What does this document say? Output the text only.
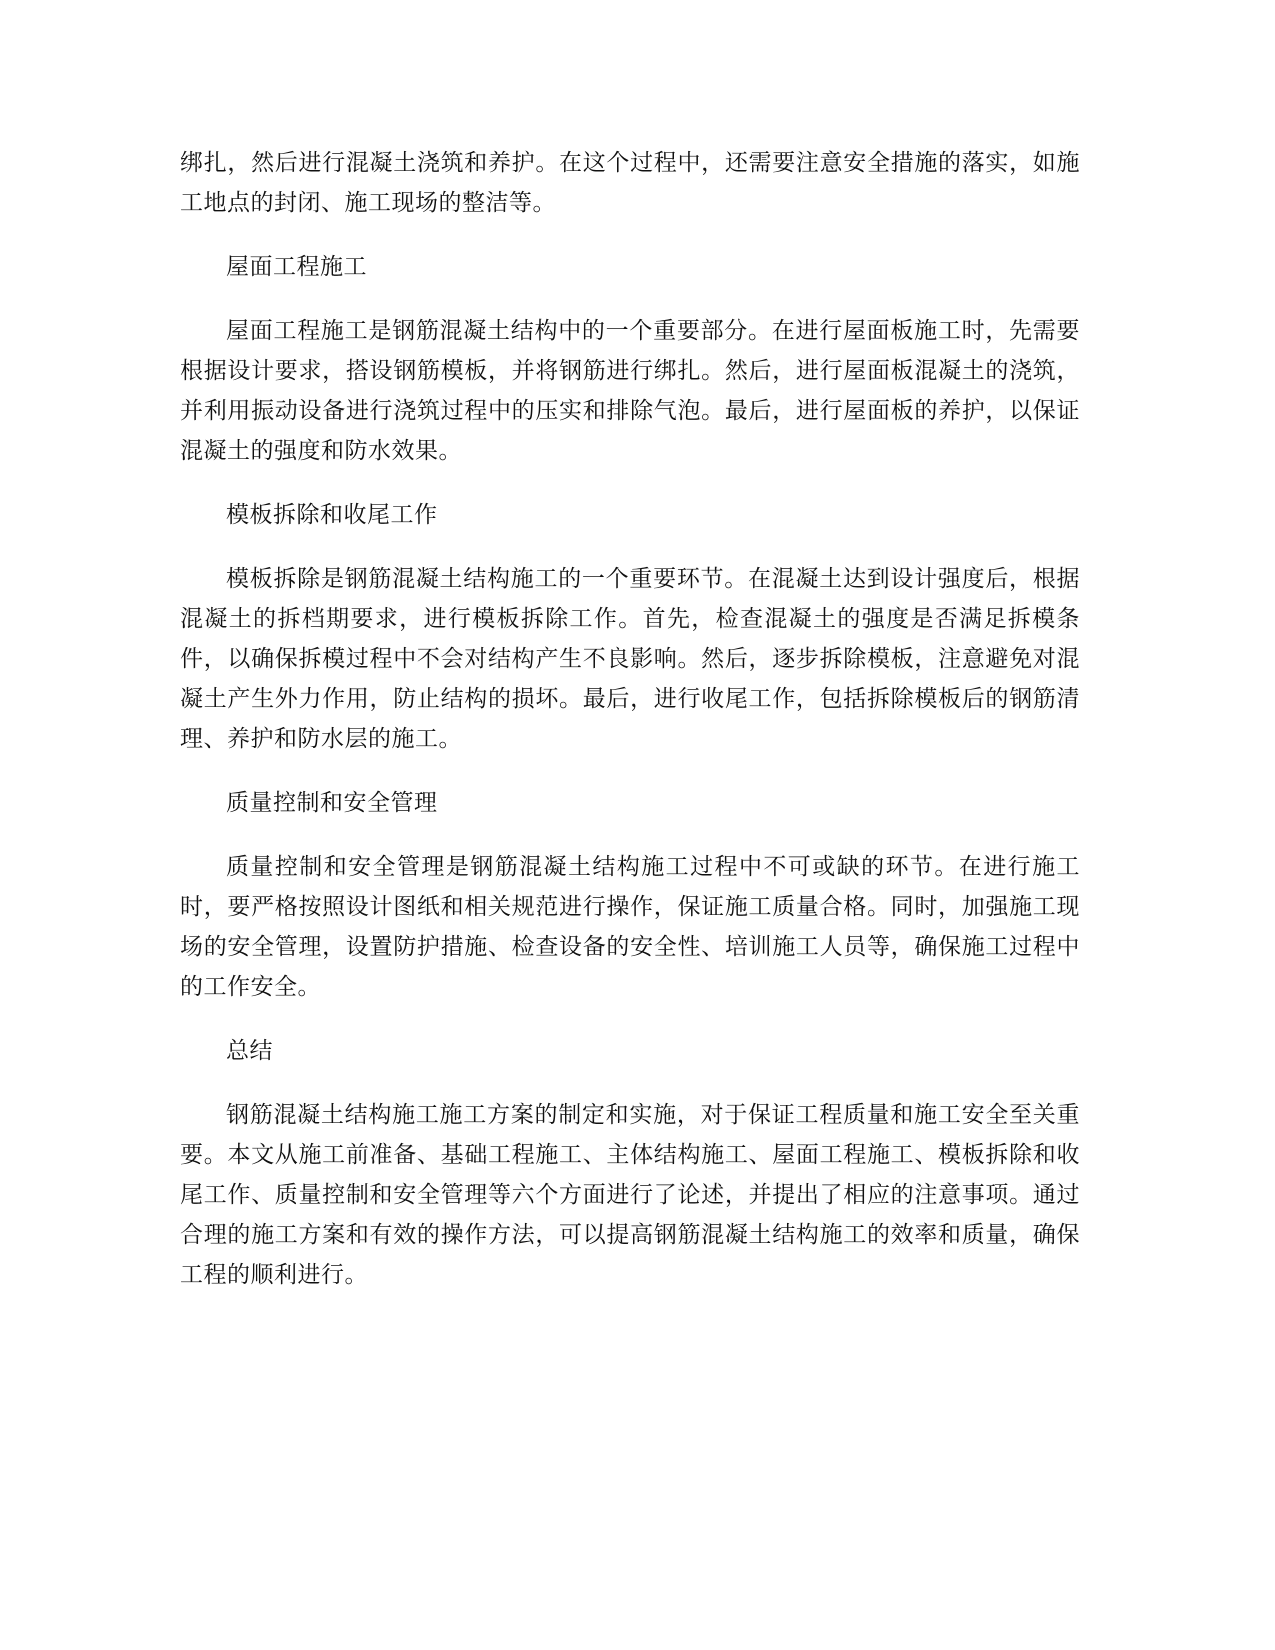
绑扎，然后进行混凝土浇筑和养护。在这个过程中，还需要注意安全措施的落实，如施工地点的封闭、施工现场的整洁等。

屋面工程施工

屋面工程施工是钢筋混凝土结构中的一个重要部分。在进行屋面板施工时，先需要根据设计要求，搭设钢筋模板，并将钢筋进行绑扎。然后，进行屋面板混凝土的浇筑，并利用振动设备进行浇筑过程中的压实和排除气泡。最后，进行屋面板的养护，以保证混凝土的强度和防水效果。

模板拆除和收尾工作

模板拆除是钢筋混凝土结构施工的一个重要环节。在混凝土达到设计强度后，根据混凝土的拆档期要求，进行模板拆除工作。首先，检查混凝土的强度是否满足拆模条件，以确保拆模过程中不会对结构产生不良影响。然后，逐步拆除模板，注意避免对混凝土产生外力作用，防止结构的损坏。最后，进行收尾工作，包括拆除模板后的钢筋清理、养护和防水层的施工。

质量控制和安全管理

质量控制和安全管理是钢筋混凝土结构施工过程中不可或缺的环节。在进行施工时，要严格按照设计图纸和相关规范进行操作，保证施工质量合格。同时，加强施工现场的安全管理，设置防护措施、检查设备的安全性、培训施工人员等，确保施工过程中的工作安全。

总结

钢筋混凝土结构施工施工方案的制定和实施，对于保证工程质量和施工安全至关重要。本文从施工前准备、基础工程施工、主体结构施工、屋面工程施工、模板拆除和收尾工作、质量控制和安全管理等六个方面进行了论述，并提出了相应的注意事项。通过合理的施工方案和有效的操作方法，可以提高钢筋混凝土结构施工的效率和质量，确保工程的顺利进行。
